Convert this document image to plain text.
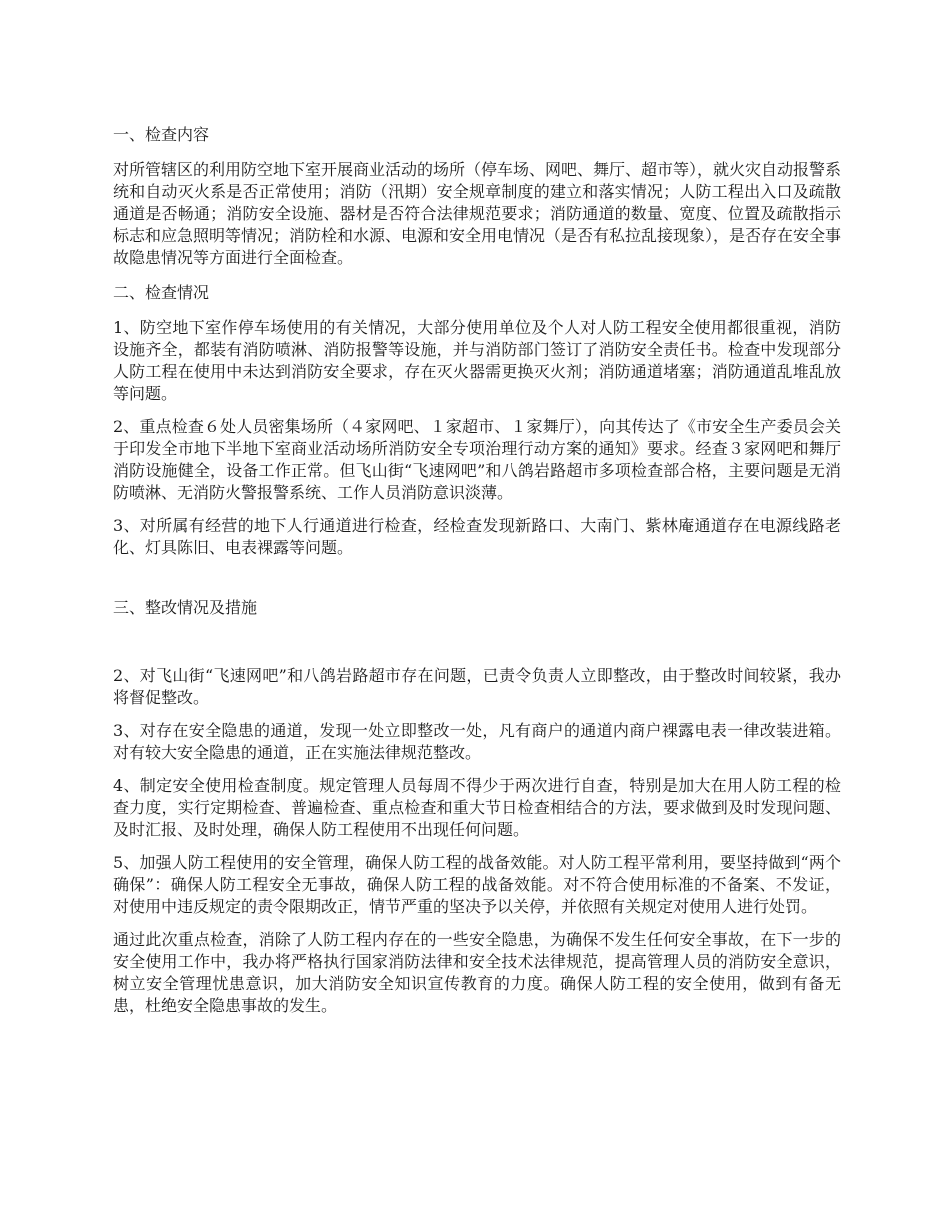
一、检查内容

对所管辖区的利用防空地下室开展商业活动的场所（停车场、网吧、舞厅、超市等），就火灾自动报警系统和自动灭火系是否正常使用；消防（汛期）安全规章制度的建立和落实情况；人防工程出入口及疏散通道是否畅通；消防安全设施、器材是否符合法律规范要求；消防通道的数量、宽度、位置及疏散指示标志和应急照明等情况；消防栓和水源、电源和安全用电情况（是否有私拉乱接现象），是否存在安全事故隐患情况等方面进行全面检查。

二、检查情况

1、防空地下室作停车场使用的有关情况，大部分使用单位及个人对人防工程安全使用都很重视，消防设施齐全，都装有消防喷淋、消防报警等设施，并与消防部门签订了消防安全责任书。检查中发现部分人防工程在使用中未达到消防安全要求，存在灭火器需更换灭火剂；消防通道堵塞；消防通道乱堆乱放等问题。

2、重点检查６处人员密集场所（４家网吧、１家超市、１家舞厅），向其传达了《市安全生产委员会关于印发全市地下半地下室商业活动场所消防安全专项治理行动方案的通知》要求。经查３家网吧和舞厅消防设施健全，设备工作正常。但飞山街“飞速网吧”和八鸽岩路超市多项检查部合格，主要问题是无消防喷淋、无消防火警报警系统、工作人员消防意识淡薄。

3、对所属有经营的地下人行通道进行检查，经检查发现新路口、大南门、紫林庵通道存在电源线路老化、灯具陈旧、电表裸露等问题。

三、整改情况及措施

2、对飞山街“飞速网吧”和八鸽岩路超市存在问题，已责令负责人立即整改，由于整改时间较紧，我办将督促整改。

3、对存在安全隐患的通道，发现一处立即整改一处，凡有商户的通道内商户裸露电表一律改装进箱。对有较大安全隐患的通道，正在实施法律规范整改。

4、制定安全使用检查制度。规定管理人员每周不得少于两次进行自查，特别是加大在用人防工程的检查力度，实行定期检查、普遍检查、重点检查和重大节日检查相结合的方法，要求做到及时发现问题、及时汇报、及时处理，确保人防工程使用不出现任何问题。

5、加强人防工程使用的安全管理，确保人防工程的战备效能。对人防工程平常利用，要坚持做到“两个确保”：确保人防工程安全无事故，确保人防工程的战备效能。对不符合使用标准的不备案、不发证，对使用中违反规定的责令限期改正，情节严重的坚决予以关停，并依照有关规定对使用人进行处罚。

通过此次重点检查，消除了人防工程内存在的一些安全隐患，为确保不发生任何安全事故，在下一步的安全使用工作中，我办将严格执行国家消防法律和安全技术法律规范，提高管理人员的消防安全意识，树立安全管理忧患意识，加大消防安全知识宣传教育的力度。确保人防工程的安全使用，做到有备无患，杜绝安全隐患事故的发生。
